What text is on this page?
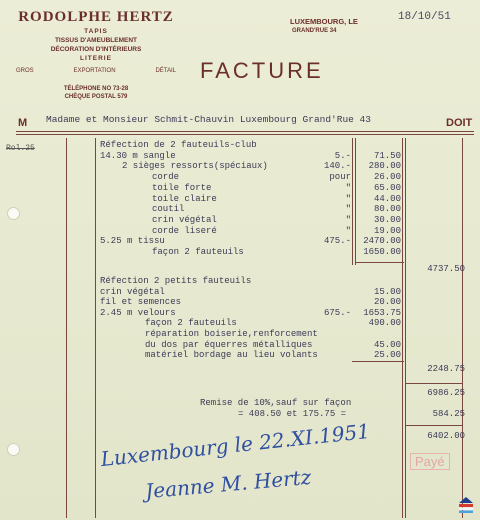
RODOLPHE HERTZ
TAPIS
TISSUS D'AMEUBLEMENT
DÉCORATION D'INTÉRIEURS
LITERIE
GROS	EXPORTATION	DÉTAIL
TÉLÉPHONE NO 73-28
CHÈQUE POSTAL 579
LUXEMBOURG, LE
GRAND'RUE 34
18/10/51
FACTURE
M Madame et Monsieur Schmit-Chauvin Luxembourg Grand'Rue 43	DOIT
Rol.25	Réfection de 2 fauteuils-club
14.30 m sangle	5.-	71.50
2 sièges ressorts(spéciaux)	140.-	280.00
corde	pour	26.00
toile forte	"	65.00
toile claire	"	44.00
coutil	"	80.00
crin végétal	"	30.00
corde liseré	"	19.00
5.25 m tissu	475.-	2470.00
façon 2 fauteuils	1650.00
4737.50
Réfection 2 petits fauteuils
crin végétal	15.00
fil et semences	20.00
2.45 m velours	675.-	1653.75
façon 2 fauteuils	490.00
réparation boiserie,renforcement
du dos par équerres métalliques	45.00
matériel bordage au lieu volants	25.00
2248.75
6986.25
Remise de 10%,sauf sur façon
= 408.50 et 175.75 =	584.25
6402.00
Luxembourg le 22.XI.1951
Jeanne M. Hertz
Payé
